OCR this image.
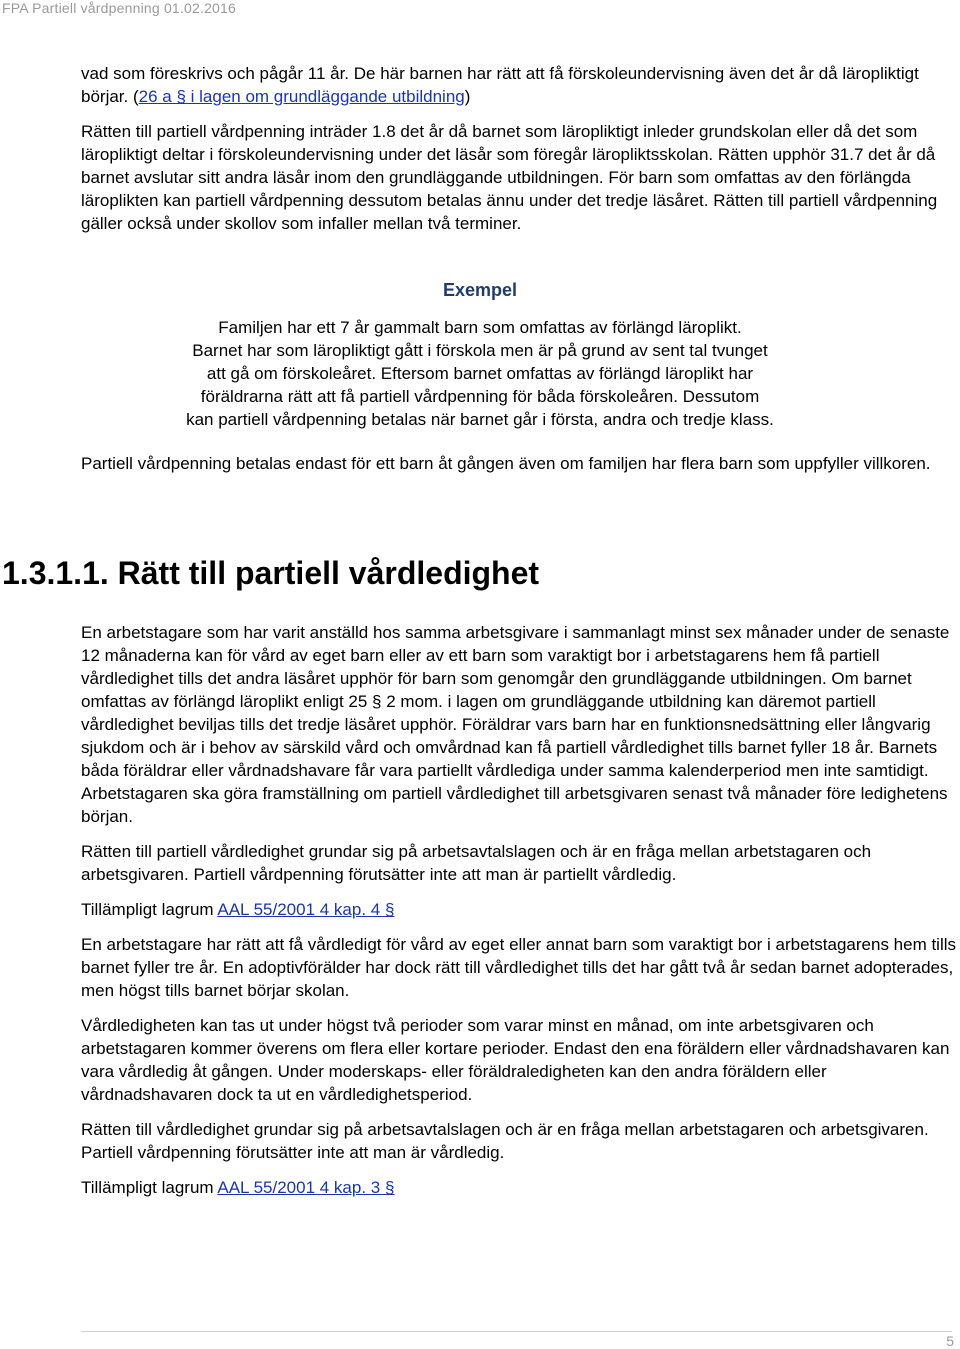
FPA Partiell vårdpenning 01.02.2016

vad som föreskrivs och pågår 11 år. De här barnen har rätt att få förskoleundervisning även det år då läropliktigt börjar. (26 a § i lagen om grundläggande utbildning)

Rätten till partiell vårdpenning inträder 1.8 det år då barnet som läropliktigt inleder grundskolan eller då det som läropliktigt deltar i förskoleundervisning under det läsår som föregår läropliktsskolan. Rätten upphör 31.7 det år då barnet avslutar sitt andra läsår inom den grundläggande utbildningen. För barn som omfattas av den förlängda läroplikten kan partiell vårdpenning dessutom betalas ännu under det tredje läsåret. Rätten till partiell vårdpenning gäller också under skollov som infaller mellan två terminer.

Exempel
Familjen har ett 7 år gammalt barn som omfattas av förlängd läroplikt.
Barnet har som läropliktigt gått i förskola men är på grund av sent tal tvunget
att gå om förskoleåret. Eftersom barnet omfattas av förlängd läroplikt har
föräldrarna rätt att få partiell vårdpenning för båda förskoleåren. Dessutom
kan partiell vårdpenning betalas när barnet går i första, andra och tredje klass.
Partiell vårdpenning betalas endast för ett barn åt gången även om familjen har flera barn som uppfyller villkoren.
1.3.1.1. Rätt till partiell vårdledighet

En arbetstagare som har varit anställd hos samma arbetsgivare i sammanlagt minst sex månader under de senaste 12 månaderna kan för vård av eget barn eller av ett barn som varaktigt bor i arbetstagarens hem få partiell vårdledighet tills det andra läsåret upphör för barn som genomgår den grundläggande utbildningen. Om barnet omfattas av förlängd läroplikt enligt 25 § 2 mom. i lagen om grundläggande utbildning kan däremot partiell vårdledighet beviljas tills det tredje läsåret upphör. Föräldrar vars barn har en funktionsnedsättning eller långvarig sjukdom och är i behov av särskild vård och omvårdnad kan få partiell vårdledighet tills barnet fyller 18 år. Barnets båda föräldrar eller vårdnadshavare får vara partiellt vårdlediga under samma kalenderperiod men inte samtidigt. Arbetstagaren ska göra framställning om partiell vårdledighet till arbetsgivaren senast två månader före ledighetens början.

Rätten till partiell vårdledighet grundar sig på arbetsavtalslagen och är en fråga mellan arbetstagaren och arbetsgivaren. Partiell vårdpenning förutsätter inte att man är partiellt vårdledig.

Tillämpligt lagrum AAL 55/2001 4 kap. 4 §

En arbetstagare har rätt att få vårdledigt för vård av eget eller annat barn som varaktigt bor i arbetstagarens hem tills barnet fyller tre år. En adoptivförälder har dock rätt till vårdledighet tills det har gått två år sedan barnet adopterades, men högst tills barnet börjar skolan.

Vårdledigheten kan tas ut under högst två perioder som varar minst en månad, om inte arbetsgivaren och arbetstagaren kommer överens om flera eller kortare perioder. Endast den ena föräldern eller vårdnadshavaren kan vara vårdledig åt gången. Under moderskaps- eller föräldraledigheten kan den andra föräldern eller vårdnadshavaren dock ta ut en vårdledighetsperiod.

Rätten till vårdledighet grundar sig på arbetsavtalslagen och är en fråga mellan arbetstagaren och arbetsgivaren. Partiell vårdpenning förutsätter inte att man är vårdledig.

Tillämpligt lagrum AAL 55/2001 4 kap. 3 §

5
